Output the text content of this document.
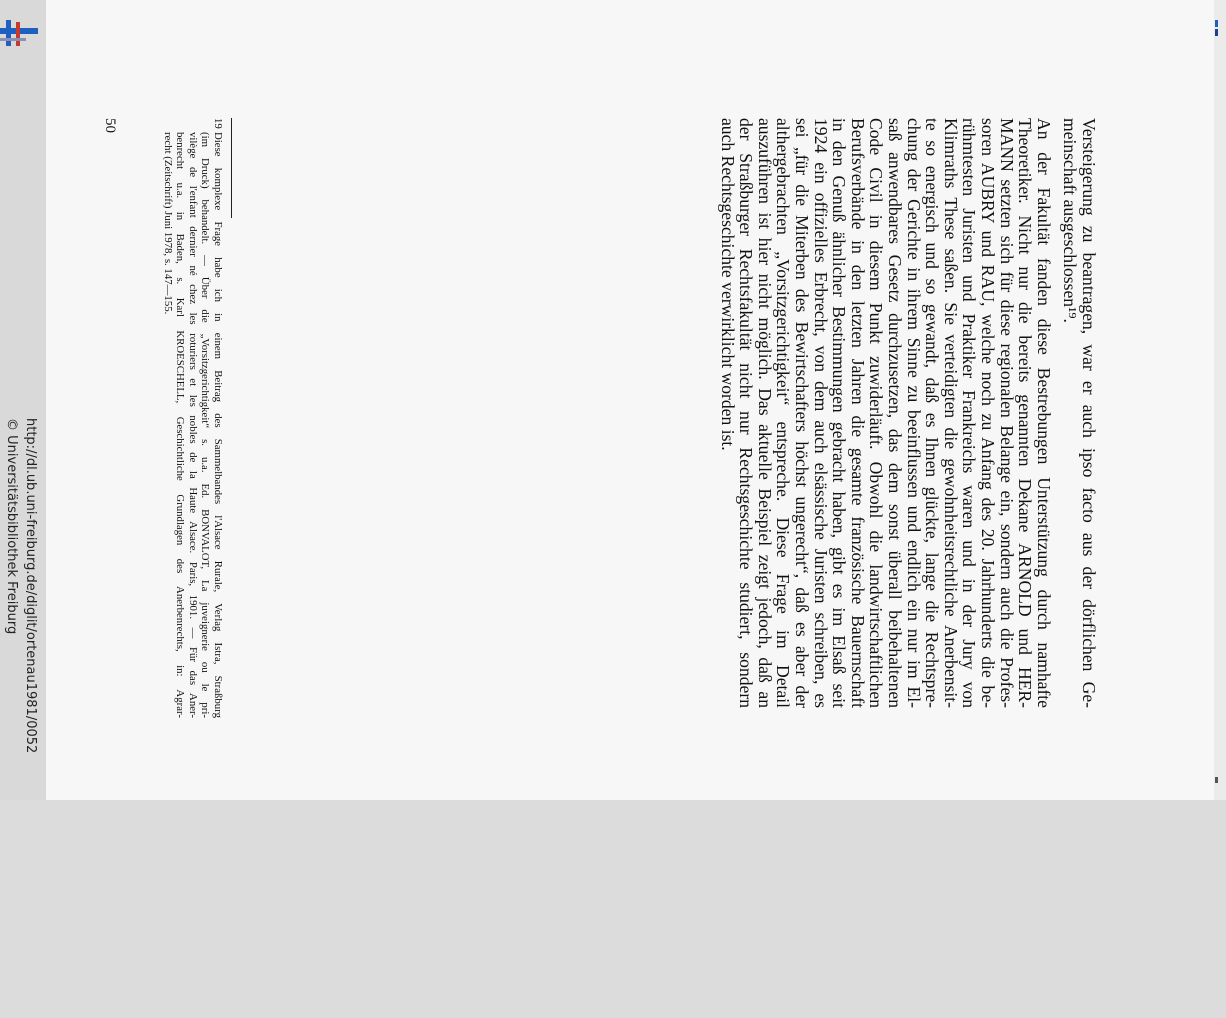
Versteigerung zu beantragen, war er auch ipso facto aus der dörflichen Ge-
meinschaft ausgeschlossen¹⁹.

An der Fakultät fanden diese Bestrebungen Unterstützung durch namhafte
Theoretiker. Nicht nur die bereits genannten Dekane ARNOLD und HER-
MANN setzten sich für diese regionalen Belange ein, sondern auch die Profes-
soren AUBRY und RAU, welche noch zu Anfang des 20. Jahrhunderts die be-
rühmtesten Juristen und Praktiker Frankreichs waren und in der Jury von
Klimraths These saßen. Sie verteidigten die gewohnheitsrechtliche Anerbensit-
te so energisch und so gewandt, daß es Ihnen glückte, lange die Rechtspre-
chung der Gerichte in ihrem Sinne zu beeinflussen und endlich ein nur im El-
saß anwendbares Gesetz durchzusetzen, das dem sonst überall beibehaltenen
Code Civil in diesem Punkt zuwiderläuft. Obwohl die landwirtschaftlichen
Berufsverbände in den letzten Jahren die gesamte französische Bauernschaft
in den Genuß ähnlicher Bestimmungen gebracht haben, gibt es im Elsaß seit
1924 ein offizielles Erbrecht, von dem auch elsässische Juristen schreiben, es
sei „für die Miterben des Bewirtschafters höchst ungerecht“, daß es aber der
althergebrachten „Vorsitzgerichtigkeit“ entspreche. Diese Frage im Detail
auszuführen ist hier nicht möglich. Das aktuelle Beispiel zeigt jedoch, daß an
der Straßburger Rechtsfakultät nicht nur Rechtsgeschichte studiert, sondern
auch Rechtsgeschichte verwirklicht worden ist.

19
Diese komplexe Frage habe ich in einem Beitrag des Sammelbandes l'Alsace Rurale, Verlag Istra, Straßburg
(im Druck) behandelt. — Über die „Vorsitzgerichtigkeit“ s. u.a. Ed. BONVALOT, La juveignerie ou le pri-
vilège de l'enfant dernier né chez les roturiers et les nobles de la Haute Alsace. Paris, 1901. — Für das Aner-
benrecht u.a. in Baden, s. Karl KROESCHELL, Geschichtliche Grundlagen des Anerbenrechts, in: Agrar-
recht (Zeitschrift) Juni 1978, s. 147—155.
50
http://dl.ub.uni-freiburg.de/diglit/ortenau1981/0052
© Universitätsbibliothek Freiburg
